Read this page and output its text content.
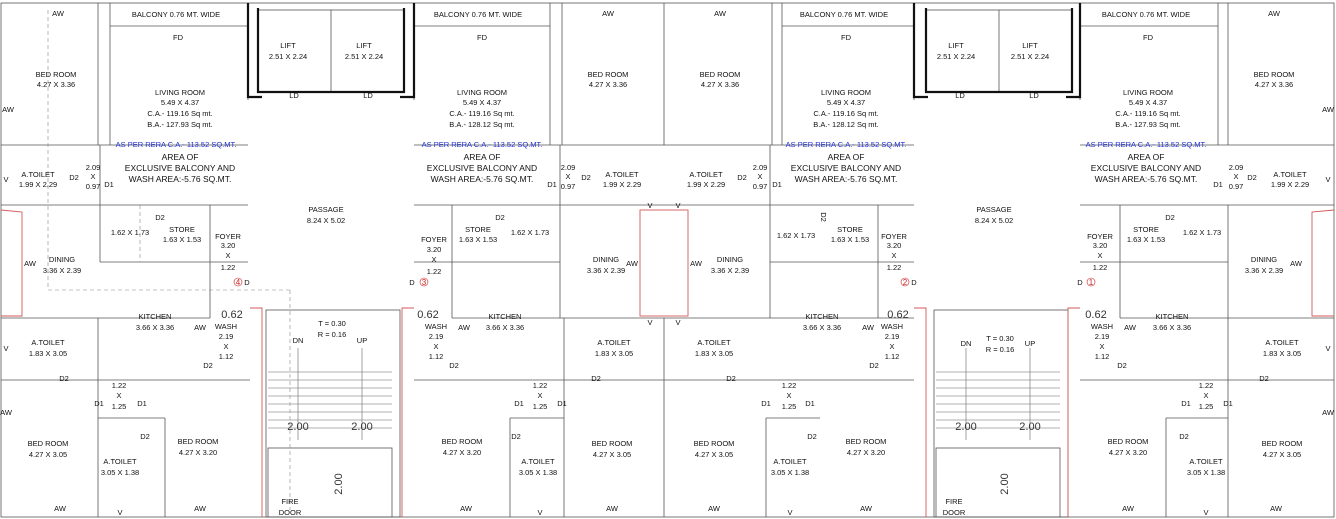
AW	BALCONY 0.76 MT. WIDE
FD
BED ROOM
4.27 X 3.36
AW
LIVING ROOM
5.49 X 4.37
C.A.- 119.16 Sq mt.
B.A.- 127.93 Sq mt.
AS PER RERA C.A.- 113.52 SQ.MT.
AREA OF
EXCLUSIVE BALCONY AND
WASH AREA:-5.76 SQ.MT.
V
A.TOILET
1.99 X 2.29
D2
2.09
X
0.97 D1
D2
1.62 X 1.73	STORE
1.63 X 1.53 FOYER
3.20
X
1.22
AW DINING
3.36 X 2.39
4 D
KITCHEN
3.66 X 3.36	AW
0.62
WASH
2.19
X
1.12
D2
V
A.TOILET
1.83 X 3.05
D2
1.22
X
1.25
D1	D1
AW
D2
BED ROOM
4.27 X 3.05
BED ROOM
4.27 X 3.20
A.TOILET
3.05 X 1.38
AW	V	AW
LIFT
2.51 X 2.24
LIFT
2.51 X 2.24
LD	LD
PASSAGE
8.24 X 5.02
T = 0.30
R = 0.16
DN	UP
2.00	2.00
2.00
FIRE
DOOR
BALCONY 0.76 MT. WIDE
FD
LIVING ROOM
5.49 X 4.37
C.A.- 119.16 Sq mt.
B.A.- 128.12 Sq mt.
AS PER RERA C.A.- 113.52 SQ.MT.
AREA OF
EXCLUSIVE BALCONY AND
WASH AREA:-5.76 SQ.MT.
2.09
X
0.97
D1
D2 A.TOILET
1.99 X 2.29
BED ROOM
4.27 X 3.36
AW
D2
STORE
1.63 X 1.53
1.62 X 1.73
FOYER
3.20
X
1.22
D 3
DINING
3.36 X 2.39
AW
V
V
0.62
WASH
2.19
X
1.12
D2
AW
KITCHEN
3.66 X 3.36
A.TOILET
1.83 X 3.05
D2
1.22
X
1.25
D1	D1
D2
BED ROOM
4.27 X 3.20
A.TOILET
3.05 X 1.38
BED ROOM
4.27 X 3.05
AW	V	AW
AW
BED ROOM
4.27 X 3.36
BALCONY 0.76 MT. WIDE
FD
LIVING ROOM
5.49 X 4.37
C.A.- 119.16 Sq mt.
B.A.- 128.12 Sq mt.
AS PER RERA C.A.- 113.52 SQ.MT.
AREA OF
EXCLUSIVE BALCONY AND
WASH AREA:-5.76 SQ.MT.
A.TOILET
1.99 X 2.29
D2
2.09
X
0.97 D1
D2
1.62 X 1.73
STORE
1.63 X 1.53 FOYER
3.20
X
1.22
2 D
AW DINING
3.36 X 2.39
V
V
KITCHEN
3.66 X 3.36	AW
0.62
WASH
2.19
X
1.12
D2
A.TOILET
1.83 X 3.05
D2
1.22
X
1.25
D1	D1
D2
BED ROOM
4.27 X 3.05
A.TOILET
3.05 X 1.38
BED ROOM
4.27 X 3.20
AW	V	AW
LIFT
2.51 X 2.24
LIFT
2.51 X 2.24
LD	LD
PASSAGE
8.24 X 5.02
T = 0.30
R = 0.16
DN	UP
2.00	2.00
2.00
FIRE
DOOR
BALCONY 0.76 MT. WIDE
FD
AW
BED ROOM
4.27 X 3.36
AW
LIVING ROOM
5.49 X 4.37
C.A.- 119.16 Sq mt.
B.A.- 127.93 Sq mt.
AS PER RERA C.A.- 113.52 SQ.MT.
AREA OF
EXCLUSIVE BALCONY AND
WASH AREA:-5.76 SQ.MT.
D1
2.09
X
0.97
D2 A.TOILET
1.99 X 2.29
V
D2
STORE
1.63 X 1.53
1.62 X 1.73
FOYER
3.20
X
1.22
1
D
DINING
3.36 X 2.39
AW
0.62
WASH
2.19
X
1.12
D2
AW
KITCHEN
3.66 X 3.36
A.TOILET
1.83 X 3.05
V
D2
1.22
X
1.25
D1	D1
AW
D2
BED ROOM
4.27 X 3.20
A.TOILET
3.05 X 1.38
BED ROOM
4.27 X 3.05
AW	V	AW
